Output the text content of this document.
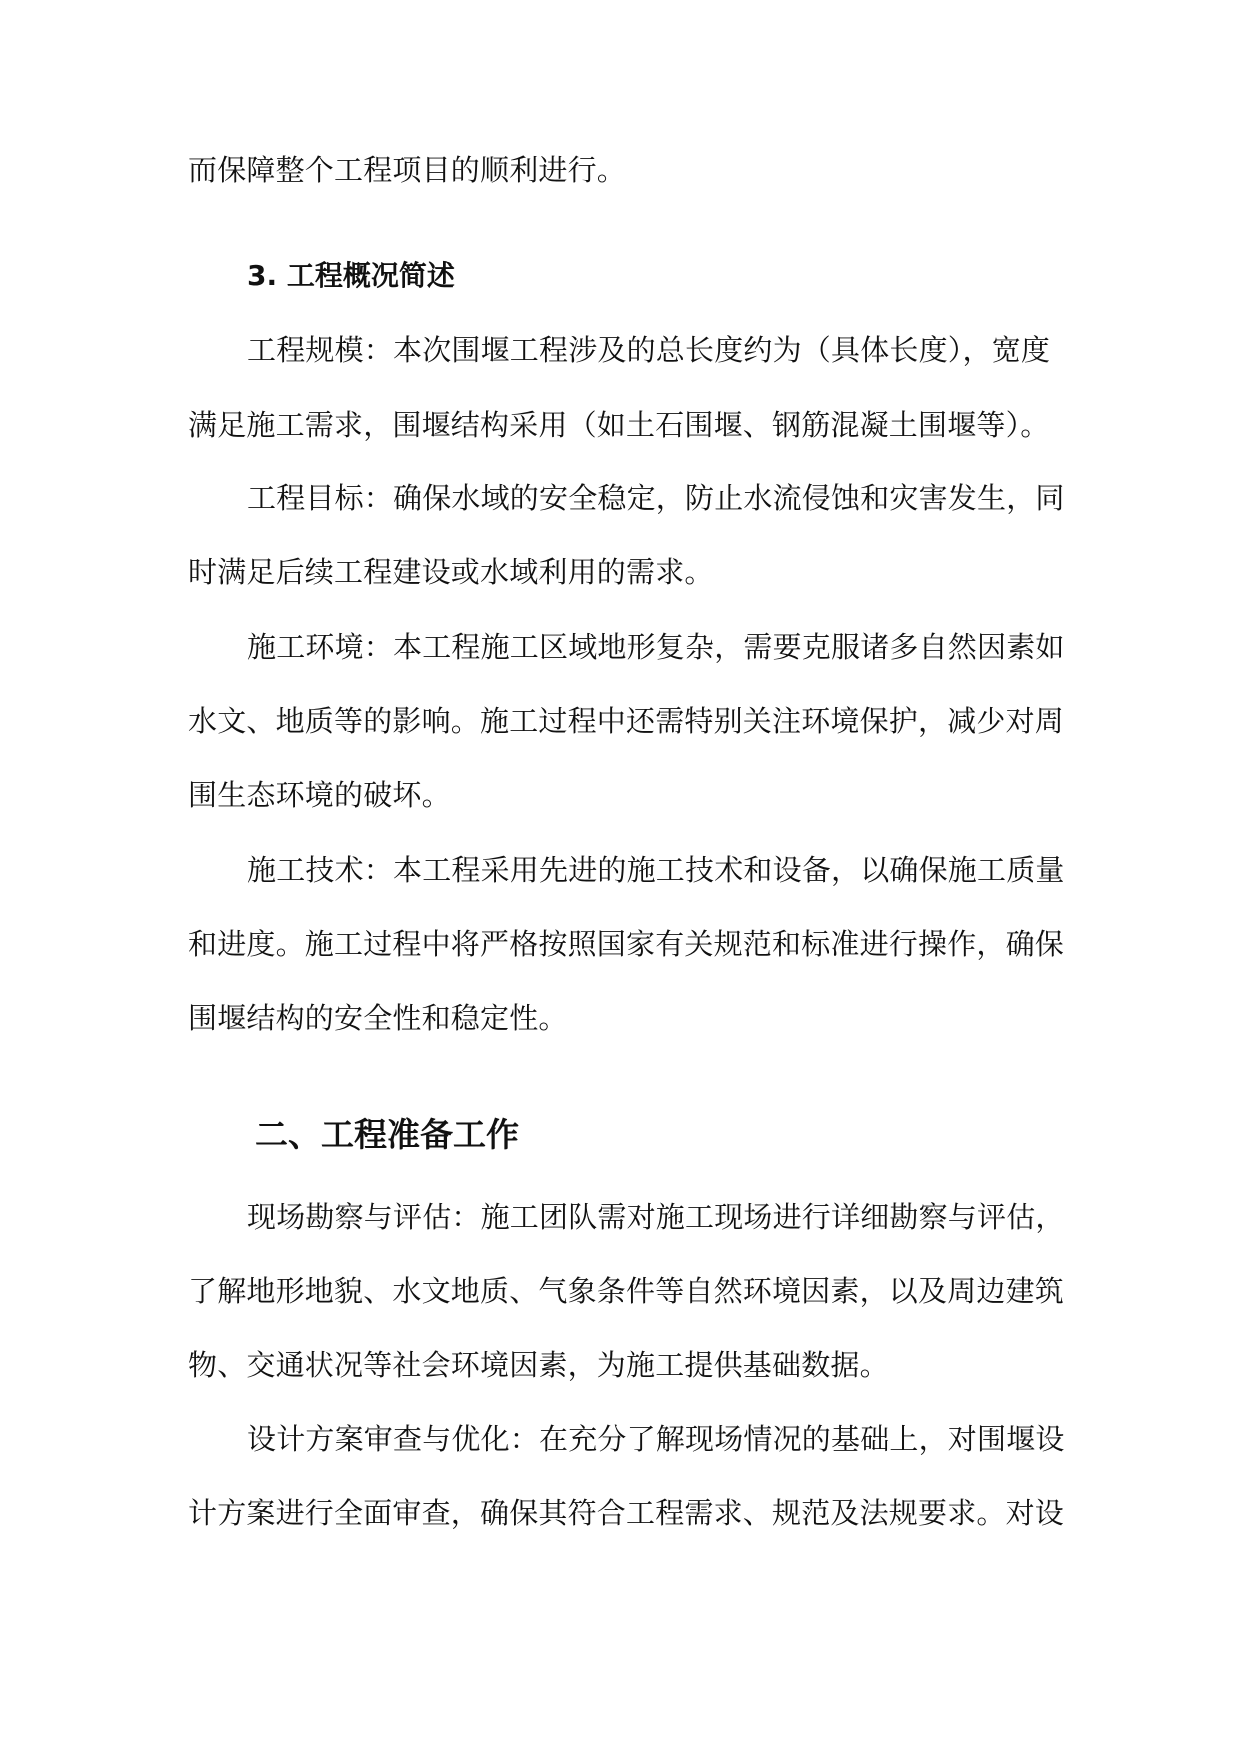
而保障整个工程项目的顺利进行。
3. 工程概况简述
工程规模：本次围堰工程涉及的总长度约为（具体长度），宽度
满足施工需求，围堰结构采用（如土石围堰、钢筋混凝土围堰等）。
工程目标：确保水域的安全稳定，防止水流侵蚀和灾害发生，同
时满足后续工程建设或水域利用的需求。
施工环境：本工程施工区域地形复杂，需要克服诸多自然因素如
水文、地质等的影响。施工过程中还需特别关注环境保护，减少对周
围生态环境的破坏。
施工技术：本工程采用先进的施工技术和设备，以确保施工质量
和进度。施工过程中将严格按照国家有关规范和标准进行操作，确保
围堰结构的安全性和稳定性。
二、工程准备工作
现场勘察与评估：施工团队需对施工现场进行详细勘察与评估，
了解地形地貌、水文地质、气象条件等自然环境因素，以及周边建筑
物、交通状况等社会环境因素，为施工提供基础数据。
设计方案审查与优化：在充分了解现场情况的基础上，对围堰设
计方案进行全面审查，确保其符合工程需求、规范及法规要求。对设
